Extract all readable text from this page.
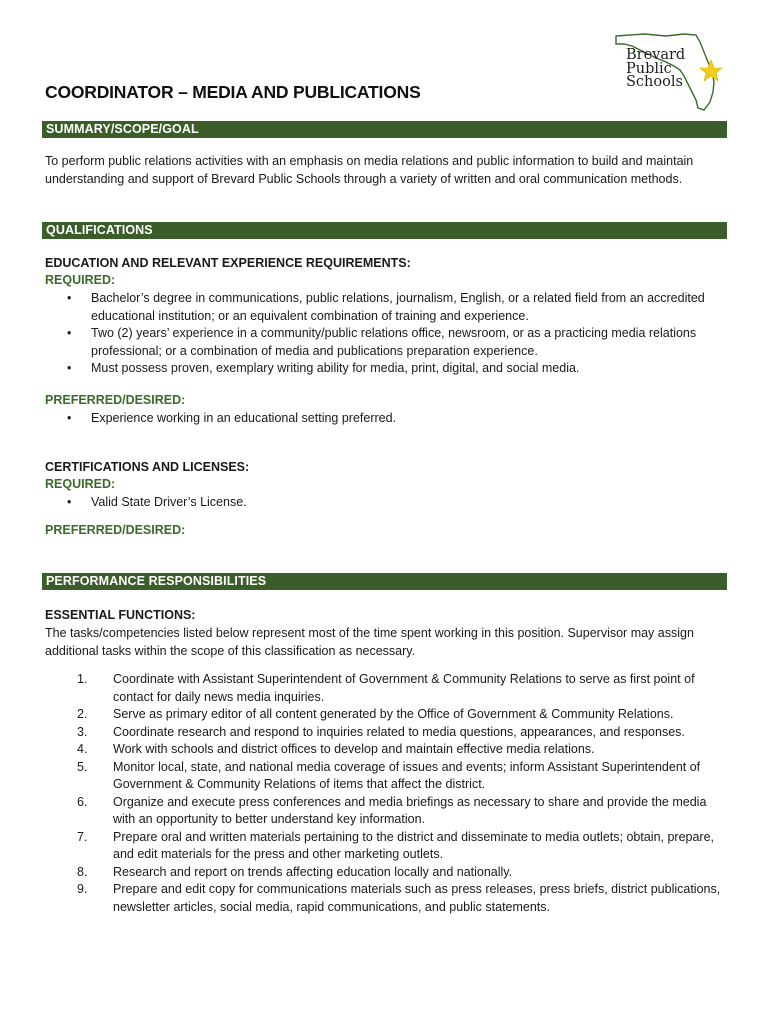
Brevard
Public
Schools
COORDINATOR – MEDIA AND PUBLICATIONS
SUMMARY/SCOPE/GOAL
To perform public relations activities with an emphasis on media relations and public information to build and maintain understanding and support of Brevard Public Schools through a variety of written and oral communication methods.
QUALIFICATIONS
EDUCATION AND RELEVANT EXPERIENCE REQUIREMENTS:
REQUIRED:
• Bachelor’s degree in communications, public relations, journalism, English, or a related field from an accredited educational institution; or an equivalent combination of training and experience.
• Two (2) years’ experience in a community/public relations office, newsroom, or as a practicing media relations professional; or a combination of media and publications preparation experience.
• Must possess proven, exemplary writing ability for media, print, digital, and social media.
PREFERRED/DESIRED:
• Experience working in an educational setting preferred.
CERTIFICATIONS AND LICENSES:
REQUIRED:
• Valid State Driver’s License.
PREFERRED/DESIRED:
PERFORMANCE RESPONSIBILITIES
ESSENTIAL FUNCTIONS:
The tasks/competencies listed below represent most of the time spent working in this position. Supervisor may assign additional tasks within the scope of this classification as necessary.
1. Coordinate with Assistant Superintendent of Government & Community Relations to serve as first point of contact for daily news media inquiries.
2. Serve as primary editor of all content generated by the Office of Government & Community Relations.
3. Coordinate research and respond to inquiries related to media questions, appearances, and responses.
4. Work with schools and district offices to develop and maintain effective media relations.
5. Monitor local, state, and national media coverage of issues and events; inform Assistant Superintendent of Government & Community Relations of items that affect the district.
6. Organize and execute press conferences and media briefings as necessary to share and provide the media with an opportunity to better understand key information.
7. Prepare oral and written materials pertaining to the district and disseminate to media outlets; obtain, prepare, and edit materials for the press and other marketing outlets.
8. Research and report on trends affecting education locally and nationally.
9. Prepare and edit copy for communications materials such as press releases, press briefs, district publications, newsletter articles, social media, rapid communications, and public statements.
